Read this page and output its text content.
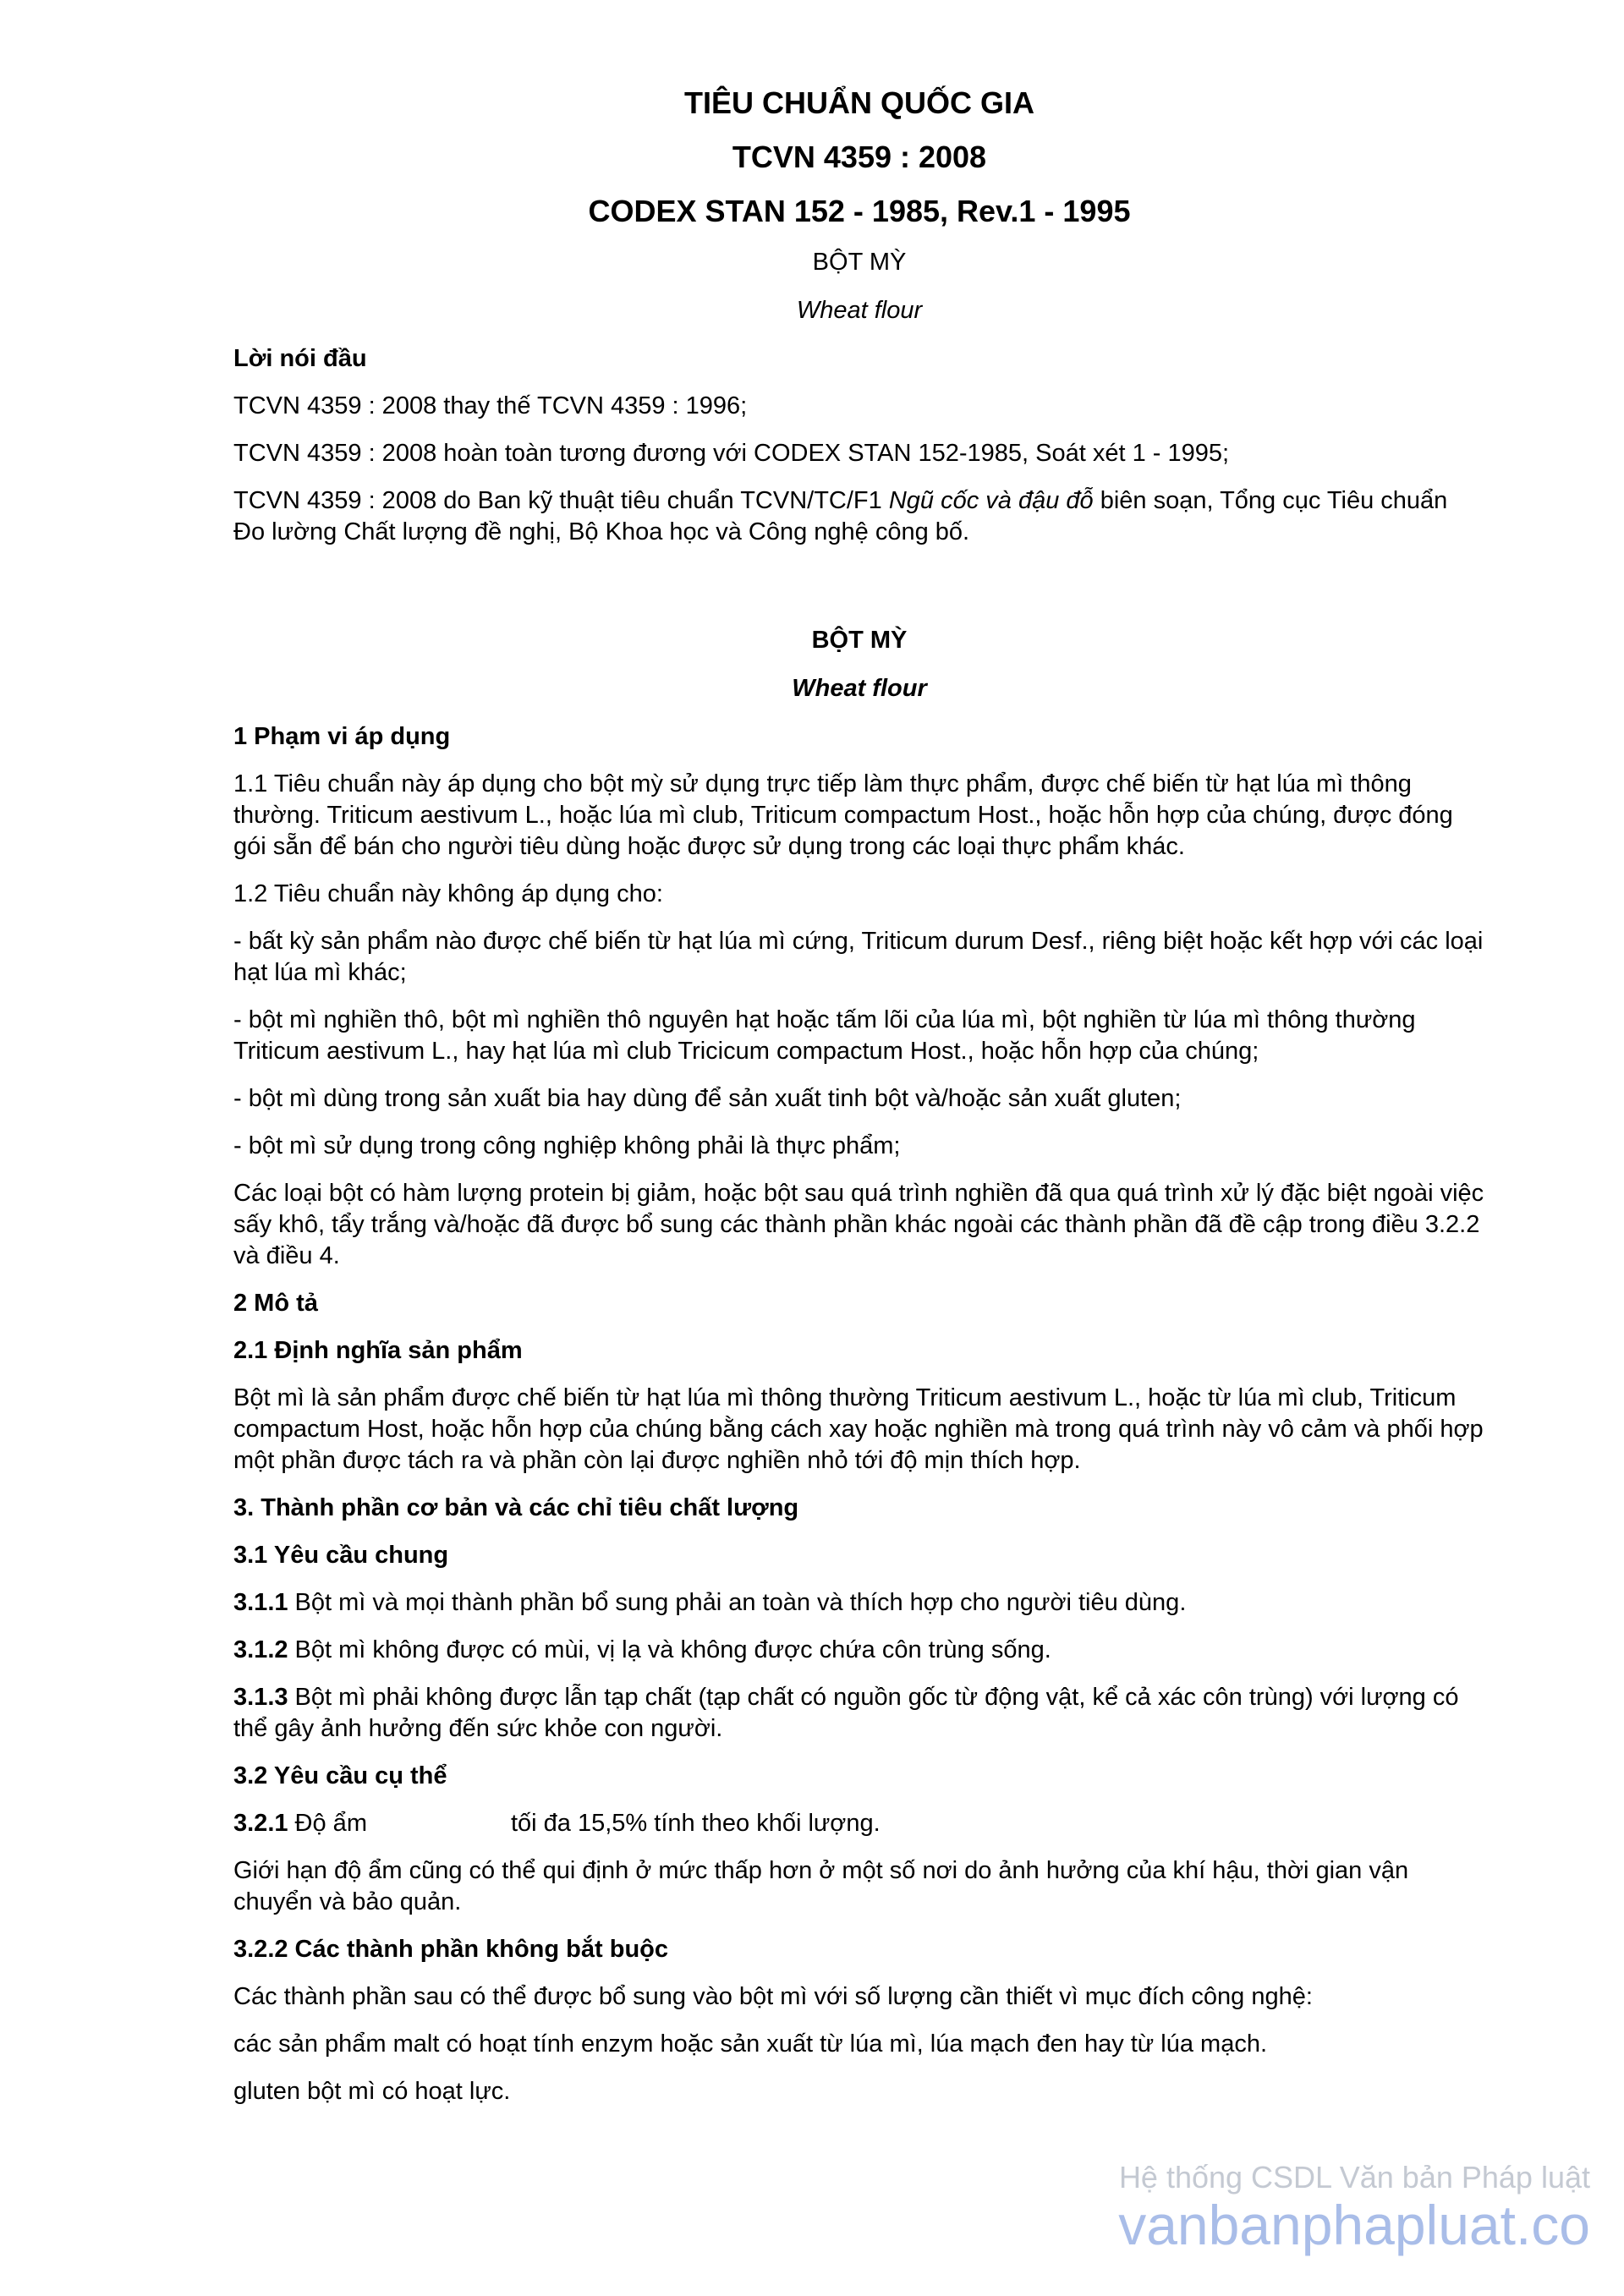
TIÊU CHUẨN QUỐC GIA
TCVN 4359 : 2008
CODEX STAN 152 - 1985, Rev.1 - 1995
BỘT MỲ
Wheat flour
Lời nói đầu

TCVN 4359 : 2008 thay thế TCVN 4359 : 1996;

TCVN 4359 : 2008 hoàn toàn tương đương với CODEX STAN 152-1985, Soát xét 1 - 1995;

TCVN 4359 : 2008 do Ban kỹ thuật tiêu chuẩn TCVN/TC/F1 Ngũ cốc và đậu đỗ biên soạn, Tổng cục Tiêu chuẩn Đo lường Chất lượng đề nghị, Bộ Khoa học và Công nghệ công bố.

BỘT MỲ
Wheat flour
1 Phạm vi áp dụng

1.1 Tiêu chuẩn này áp dụng cho bột mỳ sử dụng trực tiếp làm thực phẩm, được chế biến từ hạt lúa mì thông thường. Triticum aestivum L., hoặc lúa mì club, Triticum compactum Host., hoặc hỗn hợp của chúng, được đóng gói sẵn để bán cho người tiêu dùng hoặc được sử dụng trong các loại thực phẩm khác.

1.2 Tiêu chuẩn này không áp dụng cho:

- bất kỳ sản phẩm nào được chế biến từ hạt lúa mì cứng, Triticum durum Desf., riêng biệt hoặc kết hợp với các loại hạt lúa mì khác;

- bột mì nghiền thô, bột mì nghiền thô nguyên hạt hoặc tấm lõi của lúa mì, bột nghiền từ lúa mì thông thường Triticum aestivum L., hay hạt lúa mì club Tricicum compactum Host., hoặc hỗn hợp của chúng;

- bột mì dùng trong sản xuất bia hay dùng để sản xuất tinh bột và/hoặc sản xuất gluten;

- bột mì sử dụng trong công nghiệp không phải là thực phẩm;

Các loại bột có hàm lượng protein bị giảm, hoặc bột sau quá trình nghiền đã qua quá trình xử lý đặc biệt ngoài việc sấy khô, tẩy trắng và/hoặc đã được bổ sung các thành phần khác ngoài các thành phần đã đề cập trong điều 3.2.2 và điều 4.

2 Mô tả
2.1 Định nghĩa sản phẩm

Bột mì là sản phẩm được chế biến từ hạt lúa mì thông thường Triticum aestivum L., hoặc từ lúa mì club, Triticum compactum Host, hoặc hỗn hợp của chúng bằng cách xay hoặc nghiền mà trong quá trình này vô cảm và phối hợp một phần được tách ra và phần còn lại được nghiền nhỏ tới độ mịn thích hợp.

3. Thành phần cơ bản và các chỉ tiêu chất lượng
3.1 Yêu cầu chung

3.1.1 Bột mì và mọi thành phần bổ sung phải an toàn và thích hợp cho người tiêu dùng.

3.1.2 Bột mì không được có mùi, vị lạ và không được chứa côn trùng sống.

3.1.3 Bột mì phải không được lẫn tạp chất (tạp chất có nguồn gốc từ động vật, kể cả xác côn trùng) với lượng có thể gây ảnh hưởng đến sức khỏe con người.

3.2 Yêu cầu cụ thể

3.2.1 Độ ẩm	tối đa 15,5% tính theo khối lượng.

Giới hạn độ ẩm cũng có thể qui định ở mức thấp hơn ở một số nơi do ảnh hưởng của khí hậu, thời gian vận chuyển và bảo quản.

3.2.2 Các thành phần không bắt buộc

Các thành phần sau có thể được bổ sung vào bột mì với số lượng cần thiết vì mục đích công nghệ:

các sản phẩm malt có hoạt tính enzym hoặc sản xuất từ lúa mì, lúa mạch đen hay từ lúa mạch.

gluten bột mì có hoạt lực.

Hệ thống CSDL Văn bản Pháp luật
vanbanphapluat.co
